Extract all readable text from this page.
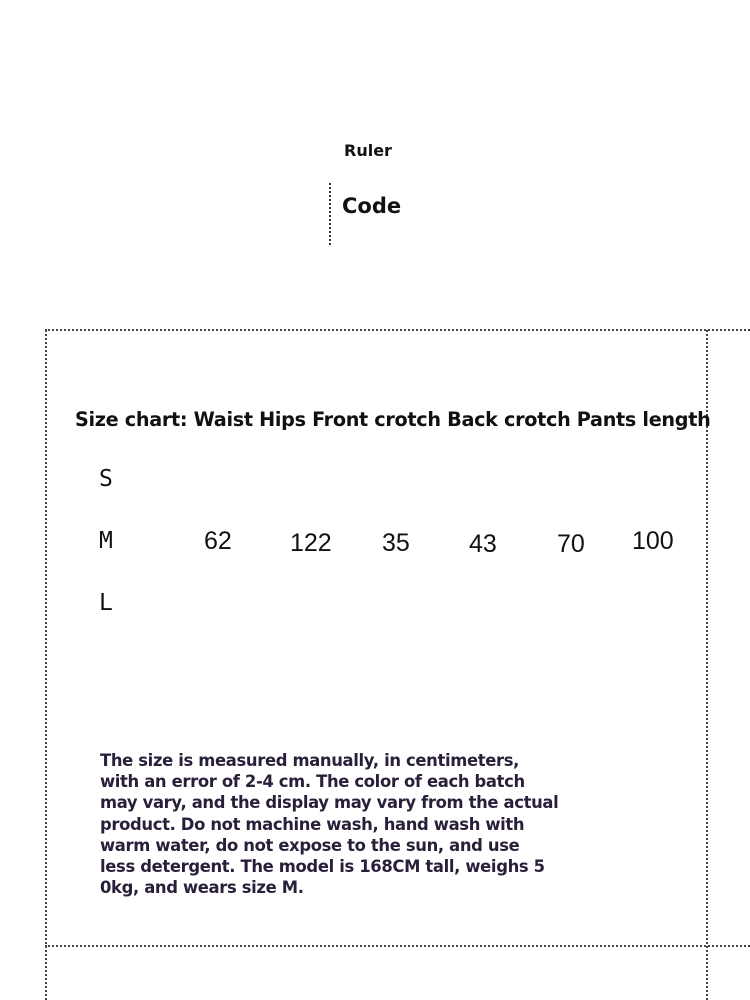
Ruler
Code
Size chart: Waist Hips Front crotch Back crotch Pants length
S
M
L
62 122 35 43 70 100
The size is measured manually, in centimeters,
with an error of 2-4 cm. The color of each batch
may vary, and the display may vary from the actual
product. Do not machine wash, hand wash with
warm water, do not expose to the sun, and use
less detergent. The model is 168CM tall, weighs 5
0kg, and wears size M.
